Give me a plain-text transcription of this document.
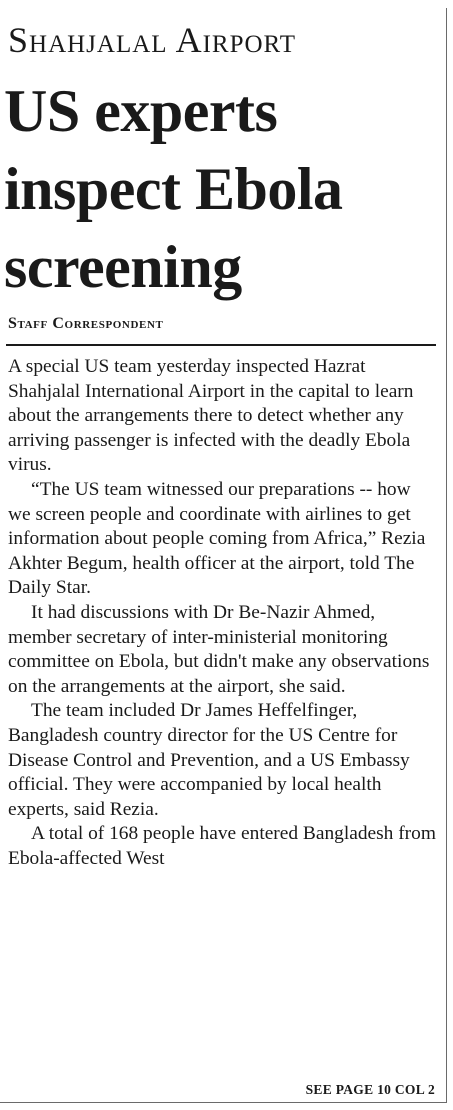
Shahjalal Airport
US experts inspect Ebola screening
Staff Correspondent

A special US team yesterday inspected Hazrat Shahjalal International Airport in the capital to learn about the arrangements there to detect whether any arriving passenger is infected with the deadly Ebola virus.

“The US team witnessed our preparations -- how we screen people and coordinate with airlines to get information about people coming from Africa,” Rezia Akhter Begum, health officer at the airport, told The Daily Star.

It had discussions with Dr Be-Nazir Ahmed, member secretary of inter-ministerial monitoring committee on Ebola, but didn't make any observations on the arrangements at the airport, she said.

The team included Dr James Heffelfinger, Bangladesh country director for the US Centre for Disease Control and Prevention, and a US Embassy official. They were accompanied by local health experts, said Rezia.

A total of 168 people have entered Bangladesh from Ebola-affected West

SEE PAGE 10 COL 2
